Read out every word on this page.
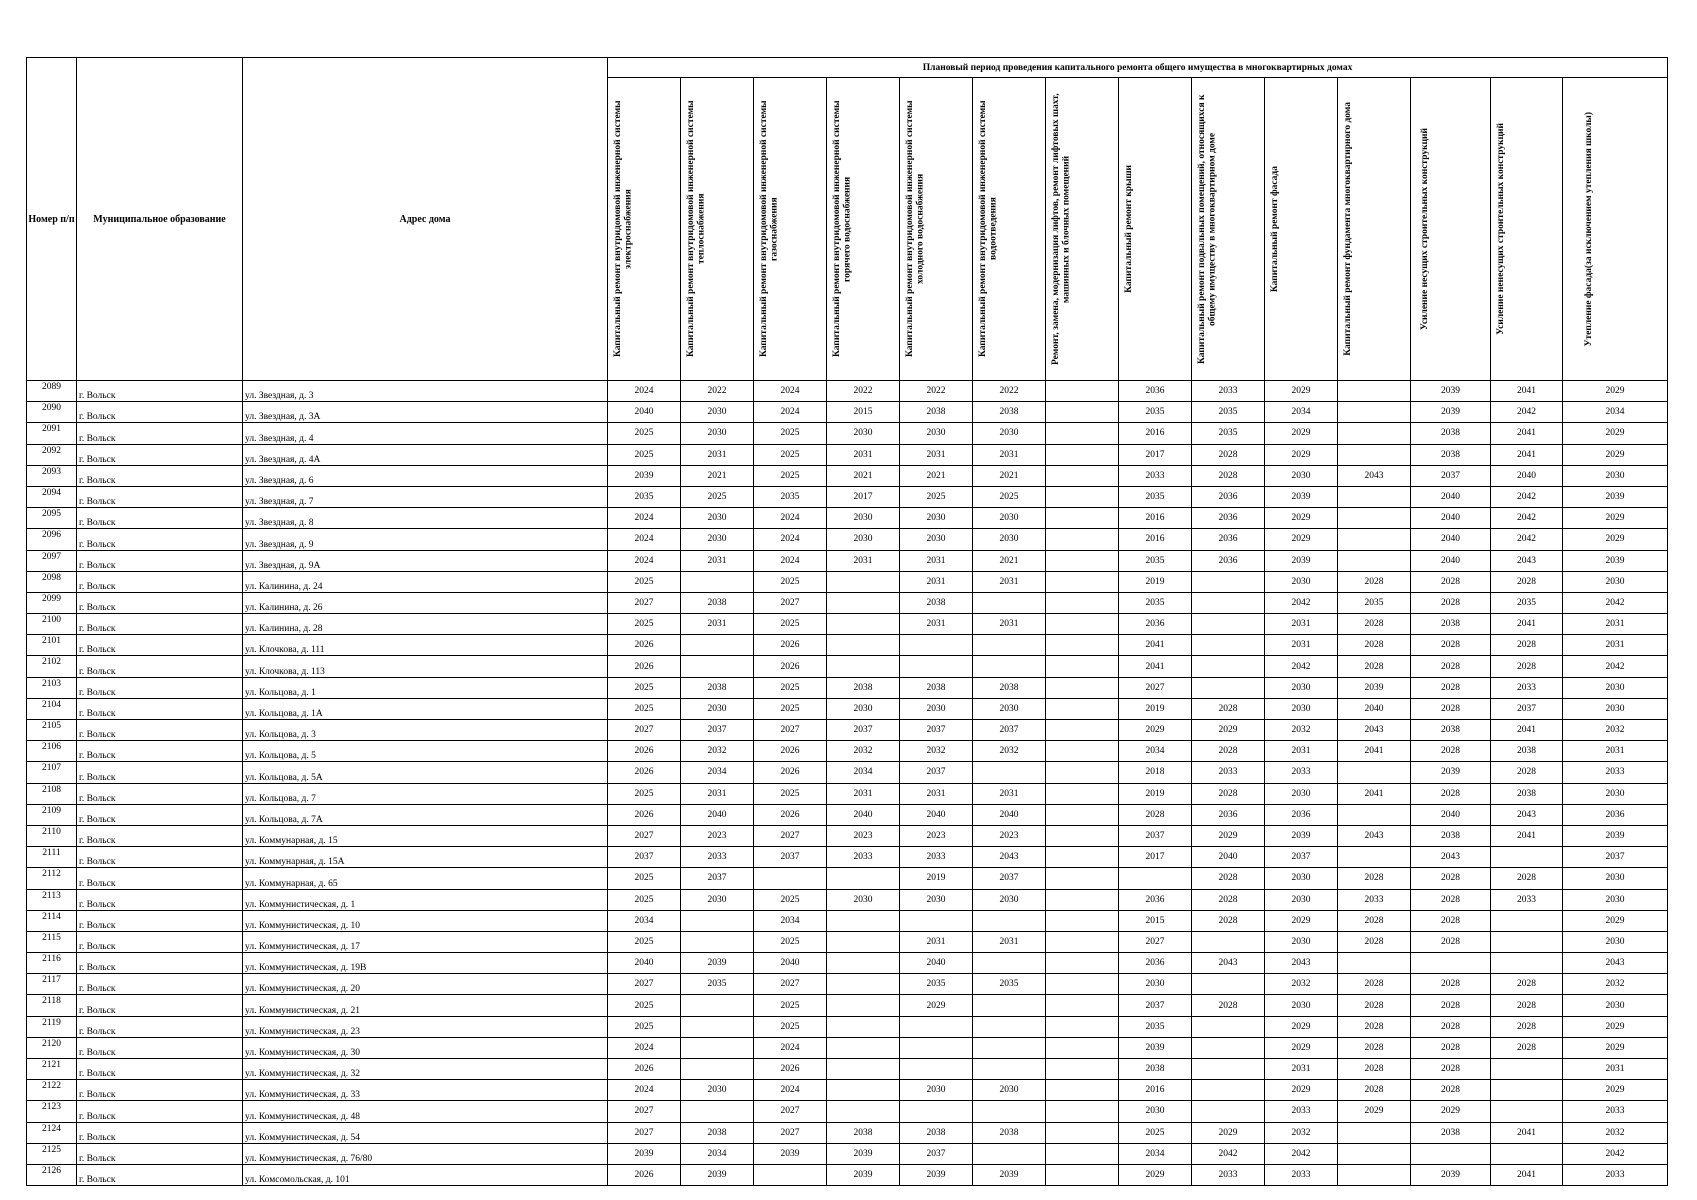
Номер п/п	Муниципальное образование	Адрес дома	Плановый период проведения капитального ремонта общего имущества в многоквартирных домах													

			Капитальный ремонт внутридомовой инженерной системы электроснабжения	Капитальный ремонт внутридомовой инженерной системы теплоснабжения	Капитальный ремонт внутридомовой инженерной системы газоснабжения	Капитальный ремонт внутридомовой инженерной системы горячего водоснабжения	Капитальный ремонт внутридомовой инженерной системы холодного водоснабжения	Капитальный ремонт внутридомовой инженерной системы водоотведения	Ремонт, замена, модернизация лифтов, ремонт лифтовых шахт, машинных и блочных помещений	Капитальный ремонт крыши	Капитальный ремонт подвальных помещений, относящихся к общему имуществу в многоквартирном доме	Капитальный ремонт фасада	Капитальный ремонт фундамента многоквартирного дома	Усиление несущих строительных конструкций	Усиление ненесущих строительных конструкций	Утепление фасада(за исключением утепления школы)

2089	г. Вольск	ул. Звездная, д. 3	2024	2022	2024	2022	2022	2022		2036	2033	2029		2039	2041	2029
2090	г. Вольск	ул. Звездная, д. 3А	2040	2030	2024	2015	2038	2038		2035	2035	2034		2039	2042	2034
2091	г. Вольск	ул. Звездная, д. 4	2025	2030	2025	2030	2030	2030		2016	2035	2029		2038	2041	2029
2092	г. Вольск	ул. Звездная, д. 4А	2025	2031	2025	2031	2031	2031		2017	2028	2029		2038	2041	2029
2093	г. Вольск	ул. Звездная, д. 6	2039	2021	2025	2021	2021	2021		2033	2028	2030	2043	2037	2040	2030
2094	г. Вольск	ул. Звездная, д. 7	2035	2025	2035	2017	2025	2025		2035	2036	2039		2040	2042	2039
2095	г. Вольск	ул. Звездная, д. 8	2024	2030	2024	2030	2030	2030		2016	2036	2029		2040	2042	2029
2096	г. Вольск	ул. Звездная, д. 9	2024	2030	2024	2030	2030	2030		2016	2036	2029		2040	2042	2029
2097	г. Вольск	ул. Звездная, д. 9А	2024	2031	2024	2031	2031	2021		2035	2036	2039		2040	2043	2039
2098	г. Вольск	ул. Калинина, д. 24	2025		2025		2031	2031		2019		2030	2028	2028	2028	2030
2099	г. Вольск	ул. Калинина, д. 26	2027	2038	2027		2038			2035		2042	2035	2028	2035	2042
2100	г. Вольск	ул. Калинина, д. 28	2025	2031	2025		2031	2031		2036		2031	2028	2038	2041	2031
2101	г. Вольск	ул. Клочкова, д. 111	2026		2026					2041		2031	2028	2028	2028	2031
2102	г. Вольск	ул. Клочкова, д. 113	2026		2026					2041		2042	2028	2028	2028	2042
2103	г. Вольск	ул. Кольцова, д. 1	2025	2038	2025	2038	2038	2038		2027		2030	2039	2028	2033	2030
2104	г. Вольск	ул. Кольцова, д. 1А	2025	2030	2025	2030	2030	2030		2019	2028	2030	2040	2028	2037	2030
2105	г. Вольск	ул. Кольцова, д. 3	2027	2037	2027	2037	2037	2037		2029	2029	2032	2043	2038	2041	2032
2106	г. Вольск	ул. Кольцова, д. 5	2026	2032	2026	2032	2032	2032		2034	2028	2031	2041	2028	2038	2031
2107	г. Вольск	ул. Кольцова, д. 5А	2026	2034	2026	2034	2037			2018	2033	2033		2039	2028	2033
2108	г. Вольск	ул. Кольцова, д. 7	2025	2031	2025	2031	2031	2031		2019	2028	2030	2041	2028	2038	2030
2109	г. Вольск	ул. Кольцова, д. 7А	2026	2040	2026	2040	2040	2040		2028	2036	2036		2040	2043	2036
2110	г. Вольск	ул. Коммунарная, д. 15	2027	2023	2027	2023	2023	2023		2037	2029	2039	2043	2038	2041	2039
2111	г. Вольск	ул. Коммунарная, д. 15А	2037	2033	2037	2033	2033	2043		2017	2040	2037		2043		2037
2112	г. Вольск	ул. Коммунарная, д. 65	2025	2037			2019	2037			2028	2030	2028	2028	2028	2030
2113	г. Вольск	ул. Коммунистическая, д. 1	2025	2030	2025	2030	2030	2030		2036	2028	2030	2033	2028	2033	2030
2114	г. Вольск	ул. Коммунистическая, д. 10	2034		2034					2015	2028	2029	2028	2028		2029
2115	г. Вольск	ул. Коммунистическая, д. 17	2025		2025		2031	2031		2027		2030	2028	2028		2030
2116	г. Вольск	ул. Коммунистическая, д. 19В	2040	2039	2040		2040			2036	2043	2043				2043
2117	г. Вольск	ул. Коммунистическая, д. 20	2027	2035	2027		2035	2035		2030		2032	2028	2028	2028	2032
2118	г. Вольск	ул. Коммунистическая, д. 21	2025		2025		2029			2037	2028	2030	2028	2028	2028	2030
2119	г. Вольск	ул. Коммунистическая, д. 23	2025		2025					2035		2029	2028	2028	2028	2029
2120	г. Вольск	ул. Коммунистическая, д. 30	2024		2024					2039		2029	2028	2028	2028	2029
2121	г. Вольск	ул. Коммунистическая, д. 32	2026		2026					2038		2031	2028	2028		2031
2122	г. Вольск	ул. Коммунистическая, д. 33	2024	2030	2024		2030	2030		2016		2029	2028	2028		2029
2123	г. Вольск	ул. Коммунистическая, д. 48	2027		2027					2030		2033	2029	2029		2033
2124	г. Вольск	ул. Коммунистическая, д. 54	2027	2038	2027	2038	2038	2038		2025	2029	2032		2038	2041	2032
2125	г. Вольск	ул. Коммунистическая, д. 76/80	2039	2034	2039	2039	2037			2034	2042	2042				2042
2126	г. Вольск	ул. Комсомольская, д. 101	2026	2039		2039	2039	2039		2029	2033	2033		2039	2041	2033
